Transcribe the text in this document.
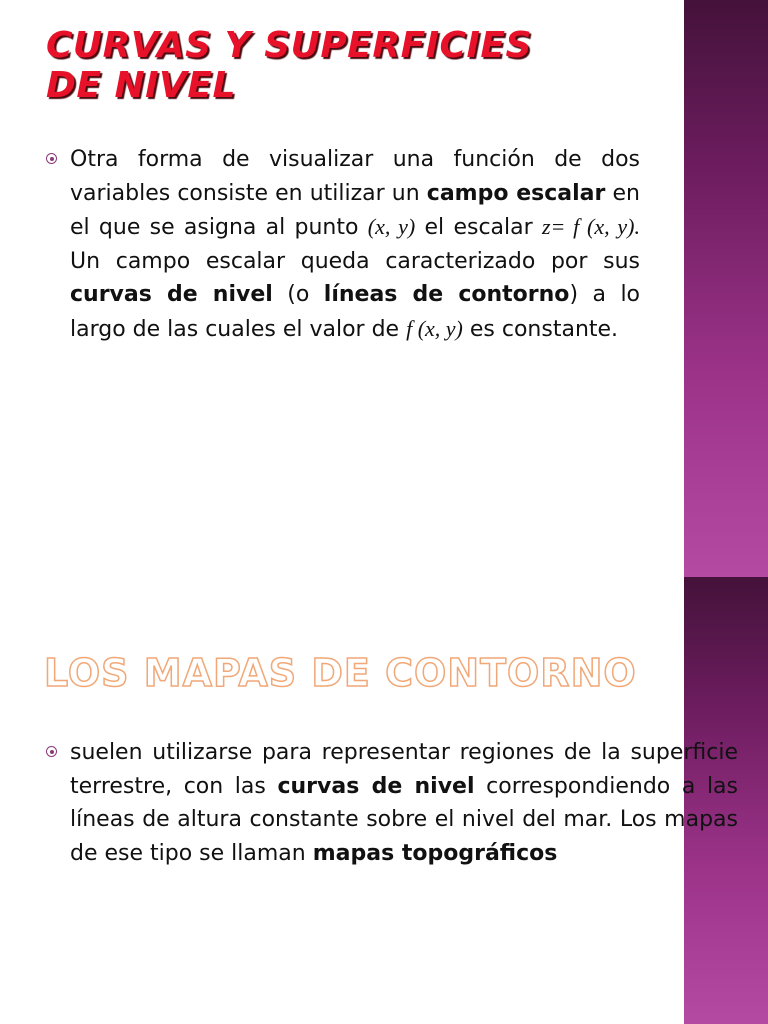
CURVAS Y SUPERFICIES
DE NIVEL

Otra forma de visualizar una función de dos variables consiste en utilizar un campo escalar en el que se asigna al punto (x, y) el escalar z= f (x, y). Un campo escalar queda caracterizado por sus curvas de nivel (o líneas de contorno) a lo largo de las cuales el valor de f (x, y) es constante.

LOS MAPAS DE CONTORNO

suelen utilizarse para representar regiones de la superficie terrestre, con las curvas de nivel correspondiendo a las líneas de altura constante sobre el nivel del mar. Los mapas de ese tipo se llaman mapas topográficos
